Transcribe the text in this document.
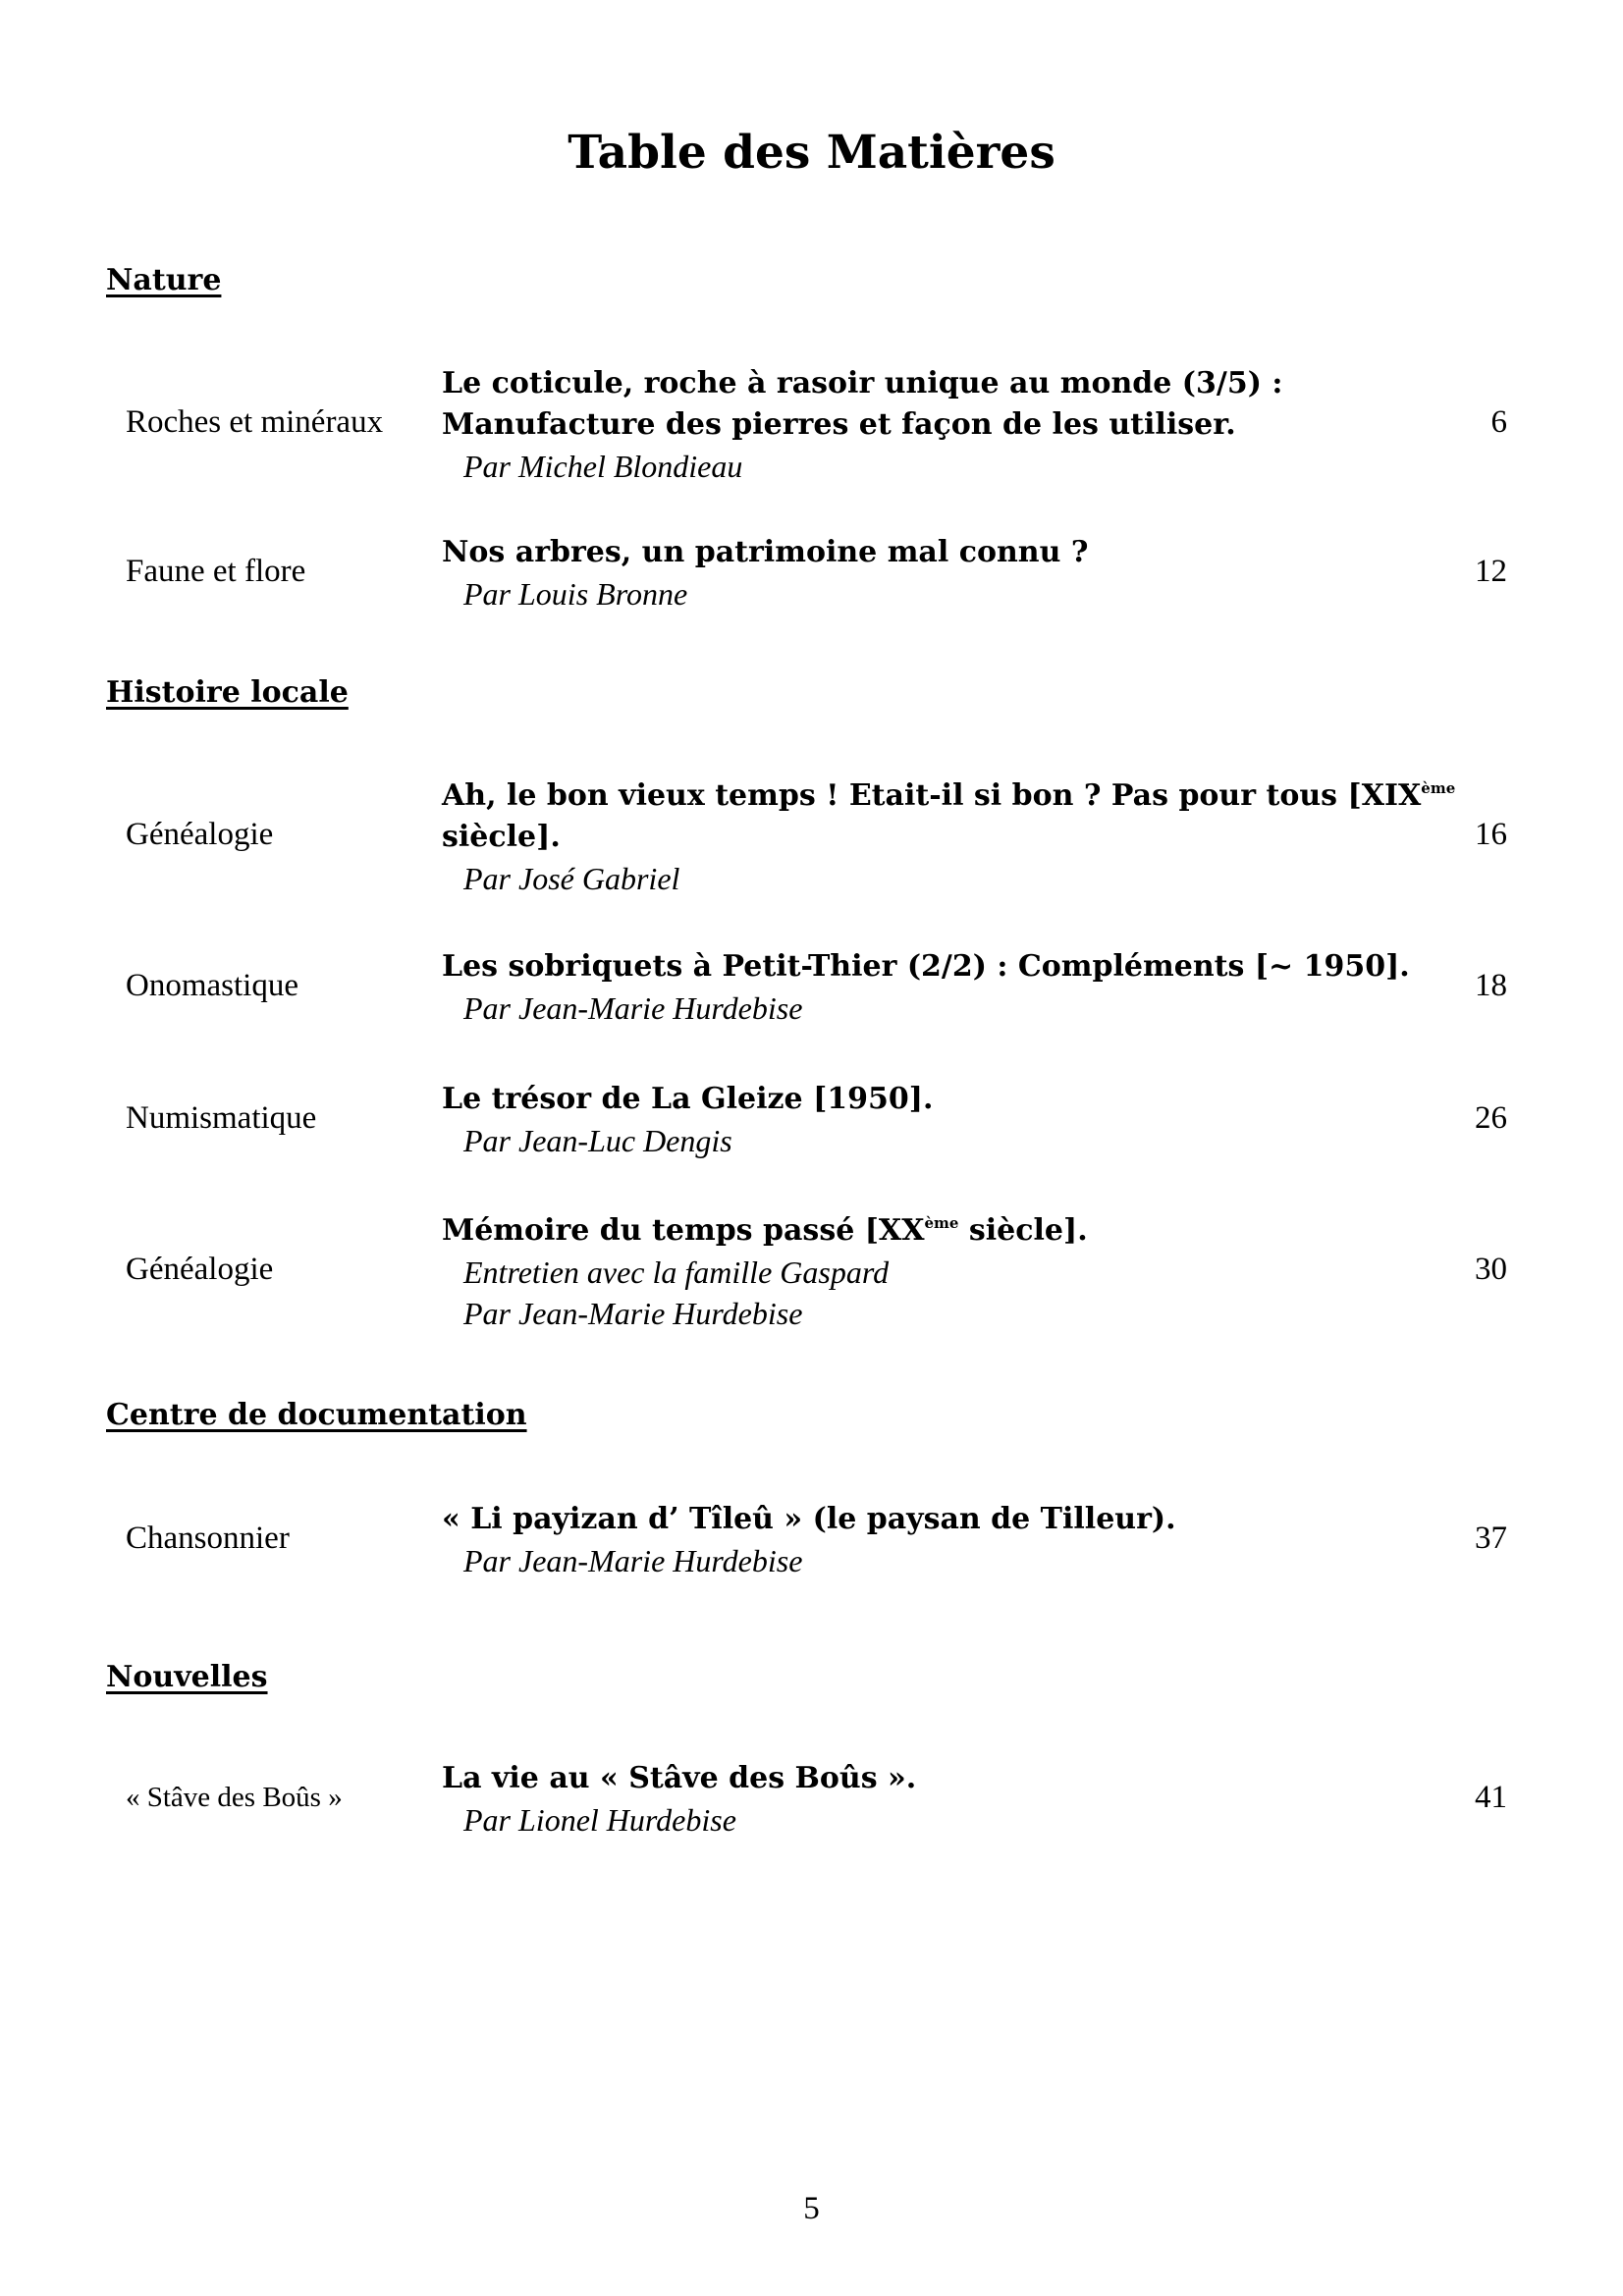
Table des Matières
Nature
Roches et minéraux
Le coticule, roche à rasoir unique au monde (3/5) :
Manufacture des pierres et façon de les utiliser.
Par Michel Blondieau
6
Faune et flore
Nos arbres, un patrimoine mal connu ?
Par Louis Bronne
12
Histoire locale
Généalogie
Ah, le bon vieux temps ! Etait-il si bon ? Pas pour tous [XIXème
siècle].
Par José Gabriel
16
Onomastique
Les sobriquets à Petit-Thier (2/2) : Compléments [~ 1950].
Par Jean-Marie Hurdebise
18
Numismatique
Le trésor de La Gleize [1950].
Par Jean-Luc Dengis
26
Généalogie
Mémoire du temps passé [XXème siècle].
Entretien avec la famille Gaspard
Par Jean-Marie Hurdebise
30
Centre de documentation
Chansonnier
« Li payizan d’ Tîleû » (le paysan de Tilleur).
Par Jean-Marie Hurdebise
37
Nouvelles
« Stâve des Boûs »
La vie au « Stâve des Boûs ».
Par Lionel Hurdebise
41
5
